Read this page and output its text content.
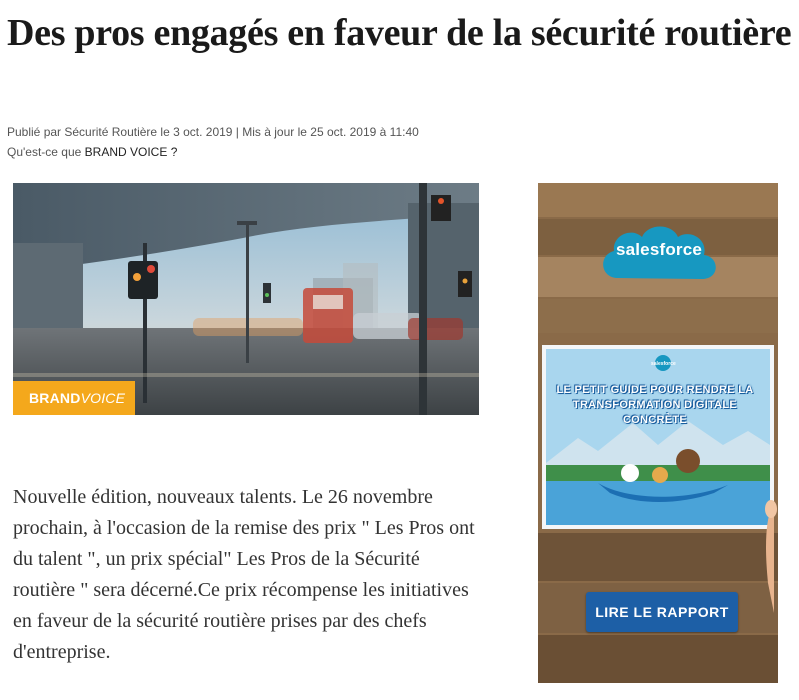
Des pros engagés en faveur de la sécurité routière
Publié par Sécurité Routière le 3 oct. 2019 | Mis à jour le 25 oct. 2019 à 11:40
Qu'est-ce que BRAND VOICE ?
BRANDVOICE

Nouvelle édition, nouveaux talents. Le 26 novembre prochain, à l'occasion de la remise des prix " Les Pros ont du talent ", un prix spécial" Les Pros de la Sécurité routière " sera décerné.Ce prix récompense les initiatives en faveur de la sécurité routière prises par des chefs d'entreprise.

salesforce
salesforce
LE PETIT GUIDE POUR RENDRE LA TRANSFORMATION DIGITALE CONCRÈTE
LIRE LE RAPPORT
